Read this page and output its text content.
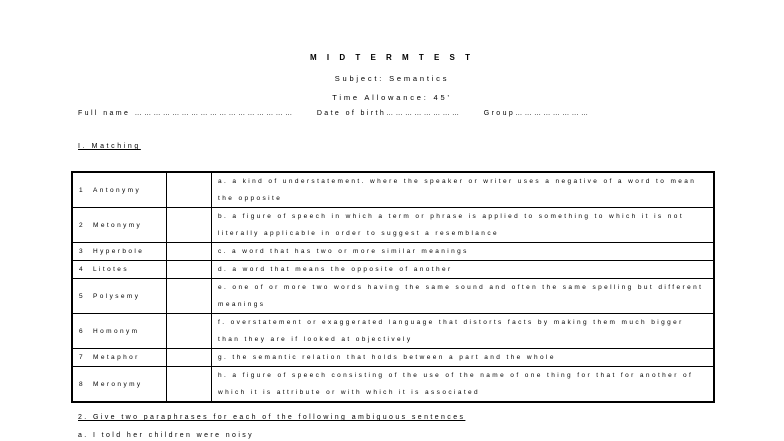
M I D T E R M T E S T
Subject: Semantics
Time Allowance: 45'
Full name ……………………………………………	Date of birth……………………	Group……………………
I. Matching
1 Antonymy		a. a kind of understatement. where the speaker or writer uses a negative of a word to mean the opposite
2 Metonymy		b. a figure of speech in which a term or phrase is applied to something to which it is not literally applicable in order to suggest a resemblance
3 Hyperbole		c. a word that has two or more similar meanings
4 Litotes		d. a word that means the opposite of another
5 Polysemy		e. one of or more two words having the same sound and often the same spelling but different meanings
6 Homonym		f. overstatement or exaggerated language that distorts facts by making them much bigger than they are if looked at objectively
7 Metaphor		g. the semantic relation that holds between a part and the whole
8 Meronymy		h. a figure of speech consisting of the use of the name of one thing for that for another of which it is attribute or with which it is associated
2. Give two paraphrases for each of the following ambiguous sentences
a. I told her children were noisy
